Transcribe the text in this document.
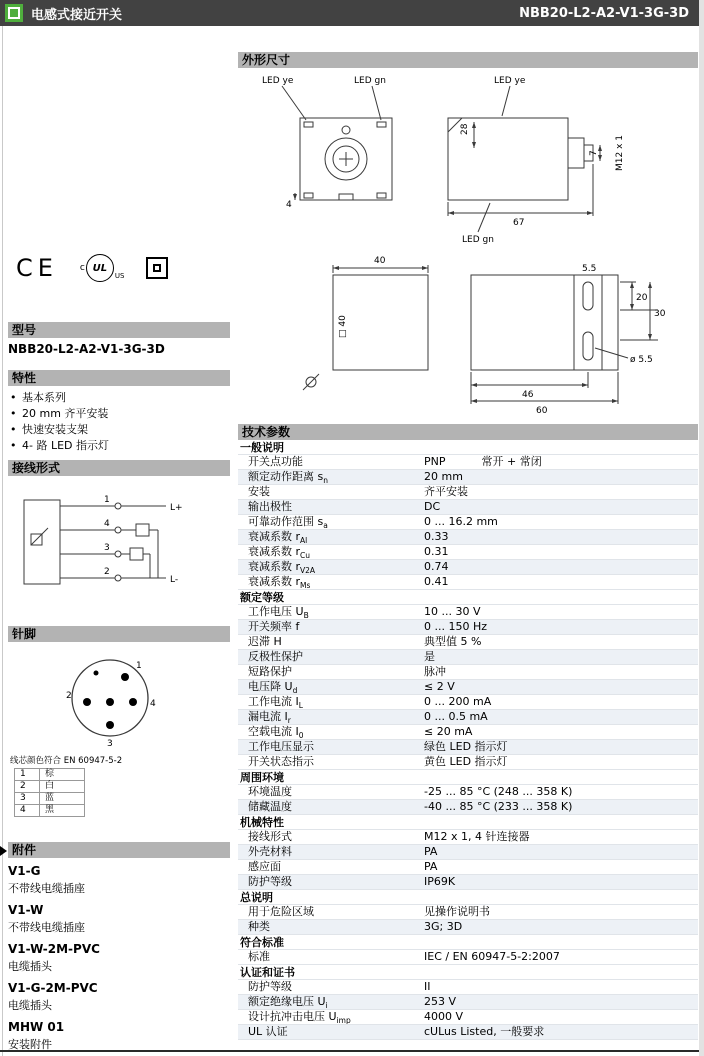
电感式接近开关	NBB20-L2-A2-V1-3G-3D
CE c UL
US
型号
NBB20-L2-A2-V1-3G-3D
特性
• 基本系列
• 20 mm 齐平安装
• 快速安装支架
• 4- 路 LED 指示灯
接线形式
1
4
3
2
L+
L-
针脚
1
2
3
4
线芯颜色符合 EN 60947-5-2
1	棕
2	白
3	蓝
4	黑
附件
V1-G
不带线电缆插座
V1-W
不带线电缆插座
V1-W-2M-PVC
电缆插头
V1-G-2M-PVC
电缆插头
MHW 01
安装附件
外形尺寸
LED ye	LED gn	LED ye
LED gn
28
67
M12 x 1
7
4
40
□ 40
20
30
46
60
5.5
ø 5.5
技术参数
一般说明
开关点功能	PNP	常开 + 常闭
额定动作距离 $s_n$	20 mm
安装	齐平安装
输出极性	DC
可靠动作范围 $s_a$	0 ... 16.2 mm
衰减系数 $r_{Al}$	0.33
衰减系数 $r_{Cu}$	0.31
衰减系数 $r_{V2A}$	0.74
衰减系数 $r_{Ms}$	0.41
额定等级
工作电压 $U_B$	10 ... 30 V
开关频率 f	0 ... 150 Hz
迟滞 H	典型值 5 %
反极性保护	是
短路保护	脉冲
电压降 $U_d$	≤ 2 V
工作电流 $I_L$	0 ... 200 mA
漏电流 $I_r$	0 ... 0.5 mA
空载电流 $I_0$	≤ 20 mA
工作电压显示	绿色 LED 指示灯
开关状态指示	黄色 LED 指示灯
周围环境
环境温度	-25 ... 85 °C (248 ... 358 K)
储藏温度	-40 ... 85 °C (233 ... 358 K)
机械特性
接线形式	M12 x 1, 4 针连接器
外壳材料	PA
感应面	PA
防护等级	IP69K
总说明
用于危险区域	见操作说明书
种类	3G; 3D
符合标准
标准	IEC / EN 60947-5-2:2007
认证和证书
防护等级	II
额定绝缘电压 $U_i$	253 V
设计抗冲击电压 $U_{imp}$	4000 V
UL 认证	cULus Listed, 一般要求
